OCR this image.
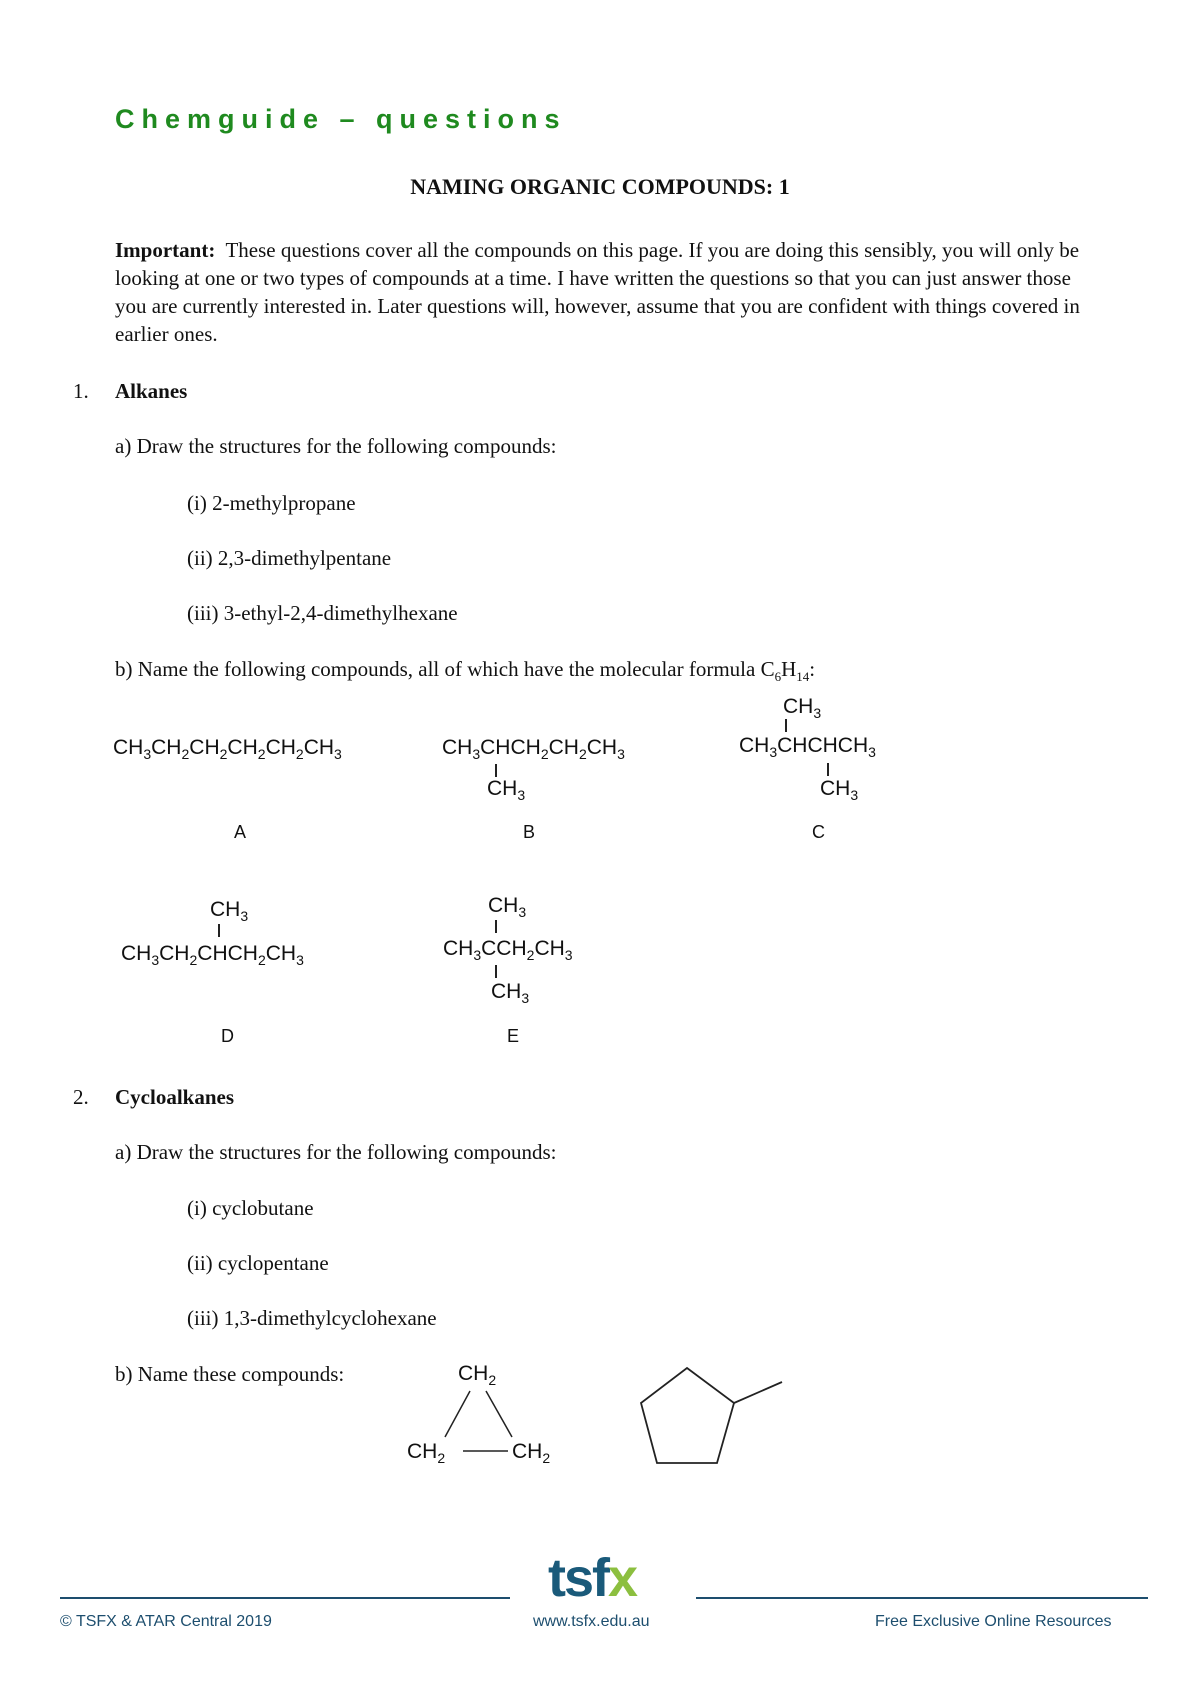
Chemguide – questions
NAMING ORGANIC COMPOUNDS: 1
Important: These questions cover all the compounds on this page. If you are doing this sensibly, you will only be looking at one or two types of compounds at a time. I have written the questions so that you can just answer those you are currently interested in. Later questions will, however, assume that you are confident with things covered in earlier ones.
1. Alkanes
a) Draw the structures for the following compounds:
(i) 2-methylpropane
(ii) 2,3-dimethylpentane
(iii) 3-ethyl-2,4-dimethylhexane
b) Name the following compounds, all of which have the molecular formula $C_6H_{14}$:
$CH_3CH_2CH_2CH_2CH_2CH_3$
A
$CH_3CHCH_2CH_2CH_3$
$CH_3$
B
$CH_3$
$CH_3CHCHCH_3$
$CH_3$
C
$CH_3$
$CH_3CH_2CHCH_2CH_3$
D
$CH_3$
$CH_3CCH_2CH_3$
$CH_3$
E
2. Cycloalkanes
a) Draw the structures for the following compounds:
(i) cyclobutane
(ii) cyclopentane
(iii) 1,3-dimethylcyclohexane
b) Name these compounds:	$CH_2$
$CH_2$	$CH_2$
tsfx
© TSFX & ATAR Central 2019	www.tsfx.edu.au	Free Exclusive Online Resources
